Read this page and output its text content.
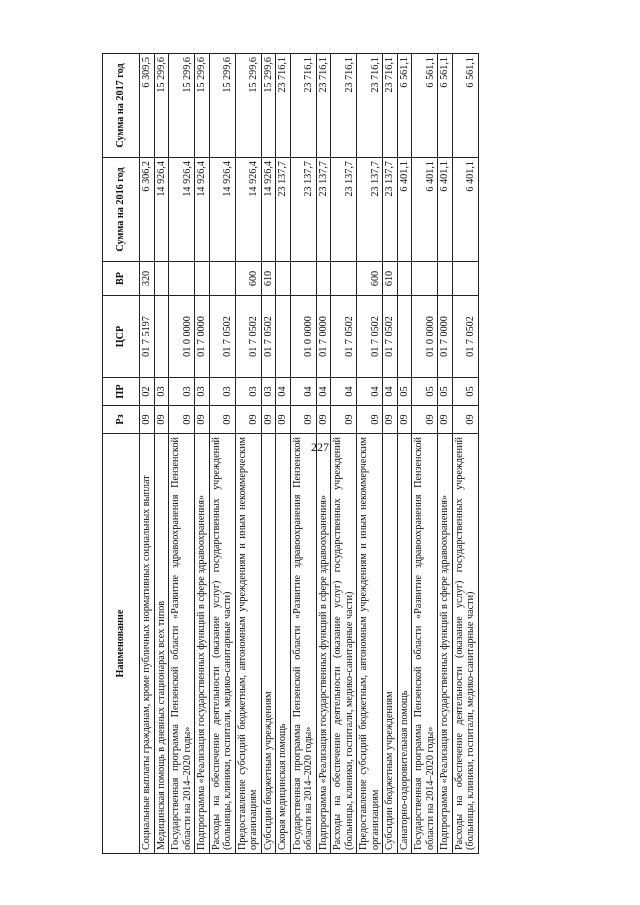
227
Наименование	Рз	ПР	ЦСР	ВР	Сумма на 2016 год	Сумма на 2017 год
Социальные выплаты гражданам, кроме публичных нормативных социальных выплат	09	02	01 7 5197	320	6 306,2	6 309,5
Медицинская помощь в дневных стационарах всех типов	09	03			14 926,4	15 299,6
Государственная программа Пензенской области «Развитие здравоохранения Пензенской области на 2014–2020 годы»	09	03	01 0 0000		14 926,4	15 299,6
Подпрограмма «Реализация государственных функций в сфере здравоохранения»	09	03	01 7 0000		14 926,4	15 299,6
Расходы на обеспечение деятельности (оказание услуг) государственных учреждений (больницы, клиники, госпитали, медико-санитарные части)	09	03	01 7 0502		14 926,4	15 299,6
Предоставление субсидий бюджетным, автономным учреждениям и иным некоммерческим организациям	09	03	01 7 0502	600	14 926,4	15 299,6
Субсидии бюджетным учреждениям	09	03	01 7 0502	610	14 926,4	15 299,6
Скорая медицинская помощь	09	04			23 137,7	23 716,1
Государственная программа Пензенской области «Развитие здравоохранения Пензенской области на 2014–2020 годы»	09	04	01 0 0000		23 137,7	23 716,1
Подпрограмма «Реализация государственных функций в сфере здравоохранения»	09	04	01 7 0000		23 137,7	23 716,1
Расходы на обеспечение деятельности (оказание услуг) государственных учреждений (больницы, клиники, госпитали, медико-санитарные части)	09	04	01 7 0502		23 137,7	23 716,1
Предоставление субсидий бюджетным, автономным учреждениям и иным некоммерческим организациям	09	04	01 7 0502	600	23 137,7	23 716,1
Субсидии бюджетным учреждениям	09	04	01 7 0502	610	23 137,7	23 716,1
Санаторно-оздоровительная помощь	09	05			6 401,1	6 561,1
Государственная программа Пензенской области «Развитие здравоохранения Пензенской области на 2014–2020 годы»	09	05	01 0 0000		6 401,1	6 561,1
Подпрограмма «Реализация государственных функций в сфере здравоохранения»	09	05	01 7 0000		6 401,1	6 561,1
Расходы на обеспечение деятельности (оказание услуг) государственных учреждений (больницы, клиники, госпитали, медико-санитарные части)	09	05	01 7 0502		6 401,1	6 561,1
